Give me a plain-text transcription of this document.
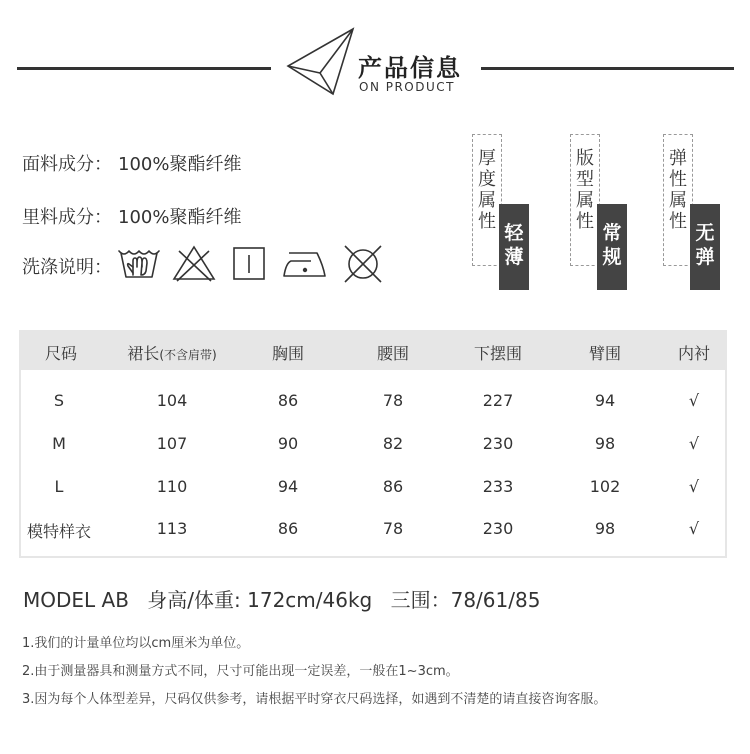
产品信息
ON PRODUCT
面料成分： 100%聚酯纤维
里料成分： 100%聚酯纤维
洗涤说明：
厚度属性
轻薄
版型属性
常规
弹性属性
无弹
尺码	裙长(不含肩带)	胸围	腰围	下摆围	臂围	内衬
S	104	86	78	227	94	√
M	107	90	82	230	98	√
L	110	94	86	233	102	√
模特样衣	113	86	78	230	98	√
MODEL AB 身高/体重: 172cm/46kg 三围：78/61/85
1.我们的计量单位均以cm厘米为单位。
2.由于测量器具和测量方式不同，尺寸可能出现一定误差，一般在1~3cm。
3.因为每个人体型差异，尺码仅供参考，请根据平时穿衣尺码选择，如遇到不清楚的请直接咨询客服。
